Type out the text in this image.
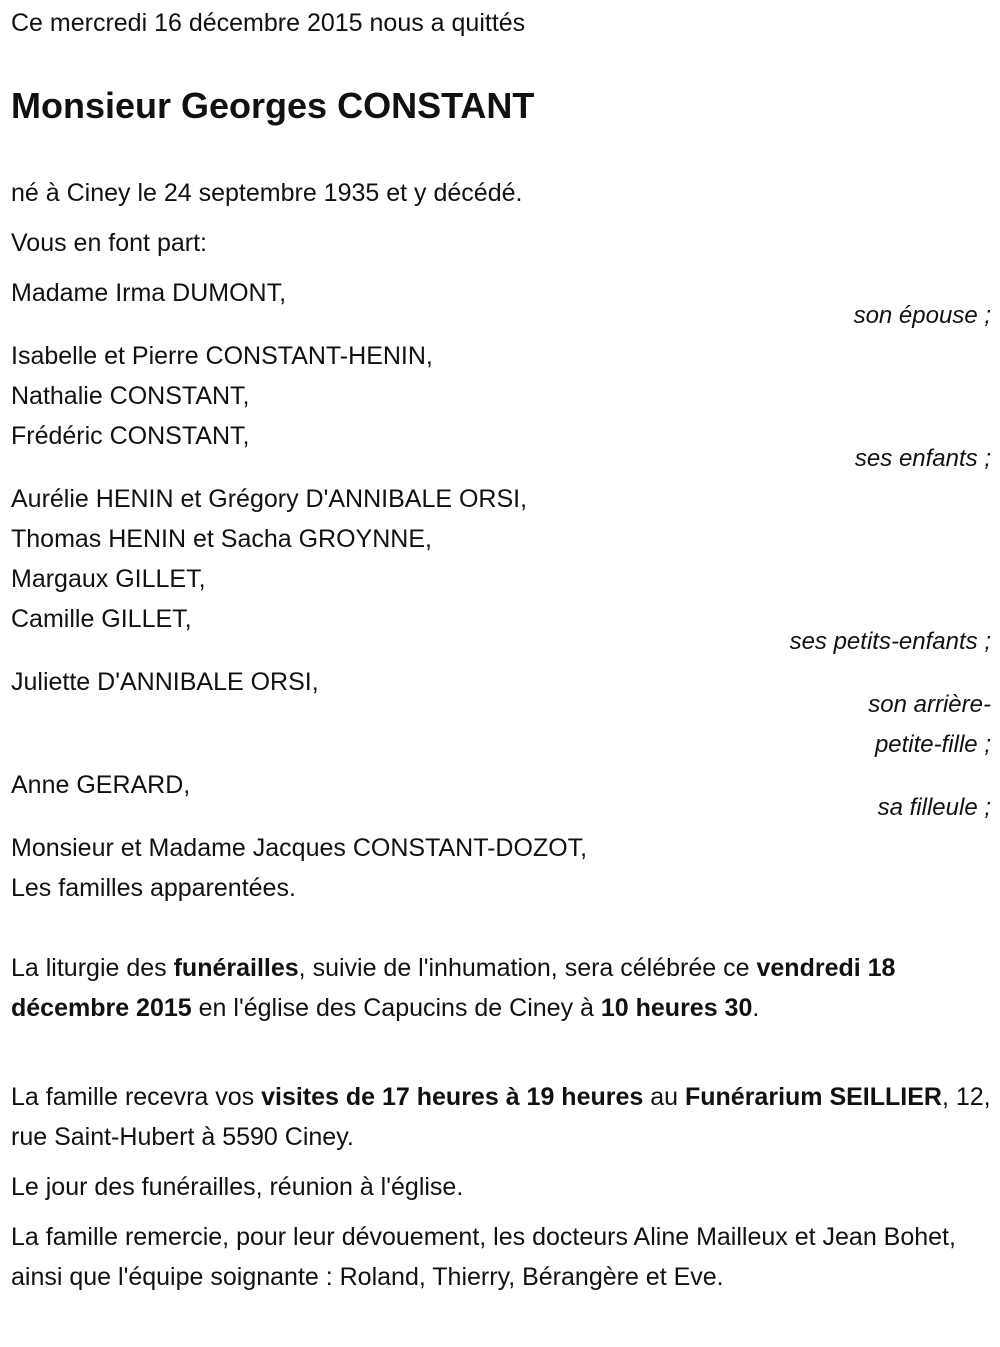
Ce mercredi 16 décembre 2015 nous a quittés
Monsieur Georges CONSTANT
né à Ciney le 24 septembre 1935 et y décédé.
Vous en font part:
Madame Irma DUMONT,
son épouse ;
Isabelle et Pierre CONSTANT-HENIN,
Nathalie CONSTANT,
Frédéric CONSTANT,
ses enfants ;
Aurélie HENIN et Grégory D'ANNIBALE ORSI,
Thomas HENIN et Sacha GROYNNE,
Margaux GILLET,
Camille GILLET,
ses petits-enfants ;
Juliette D'ANNIBALE ORSI,
son arrière-
petite-fille ;
Anne GERARD,
sa filleule ;
Monsieur et Madame Jacques CONSTANT-DOZOT,
Les familles apparentées.
La liturgie des funérailles, suivie de l'inhumation, sera célébrée ce vendredi 18 décembre 2015 en l'église des Capucins de Ciney à 10 heures 30.
La famille recevra vos visites de 17 heures à 19 heures au Funérarium SEILLIER, 12, rue Saint-Hubert à 5590 Ciney.
Le jour des funérailles, réunion à l'église.
La famille remercie, pour leur dévouement, les docteurs Aline Mailleux et Jean Bohet, ainsi que l'équipe soignante : Roland, Thierry, Bérangère et Eve.
